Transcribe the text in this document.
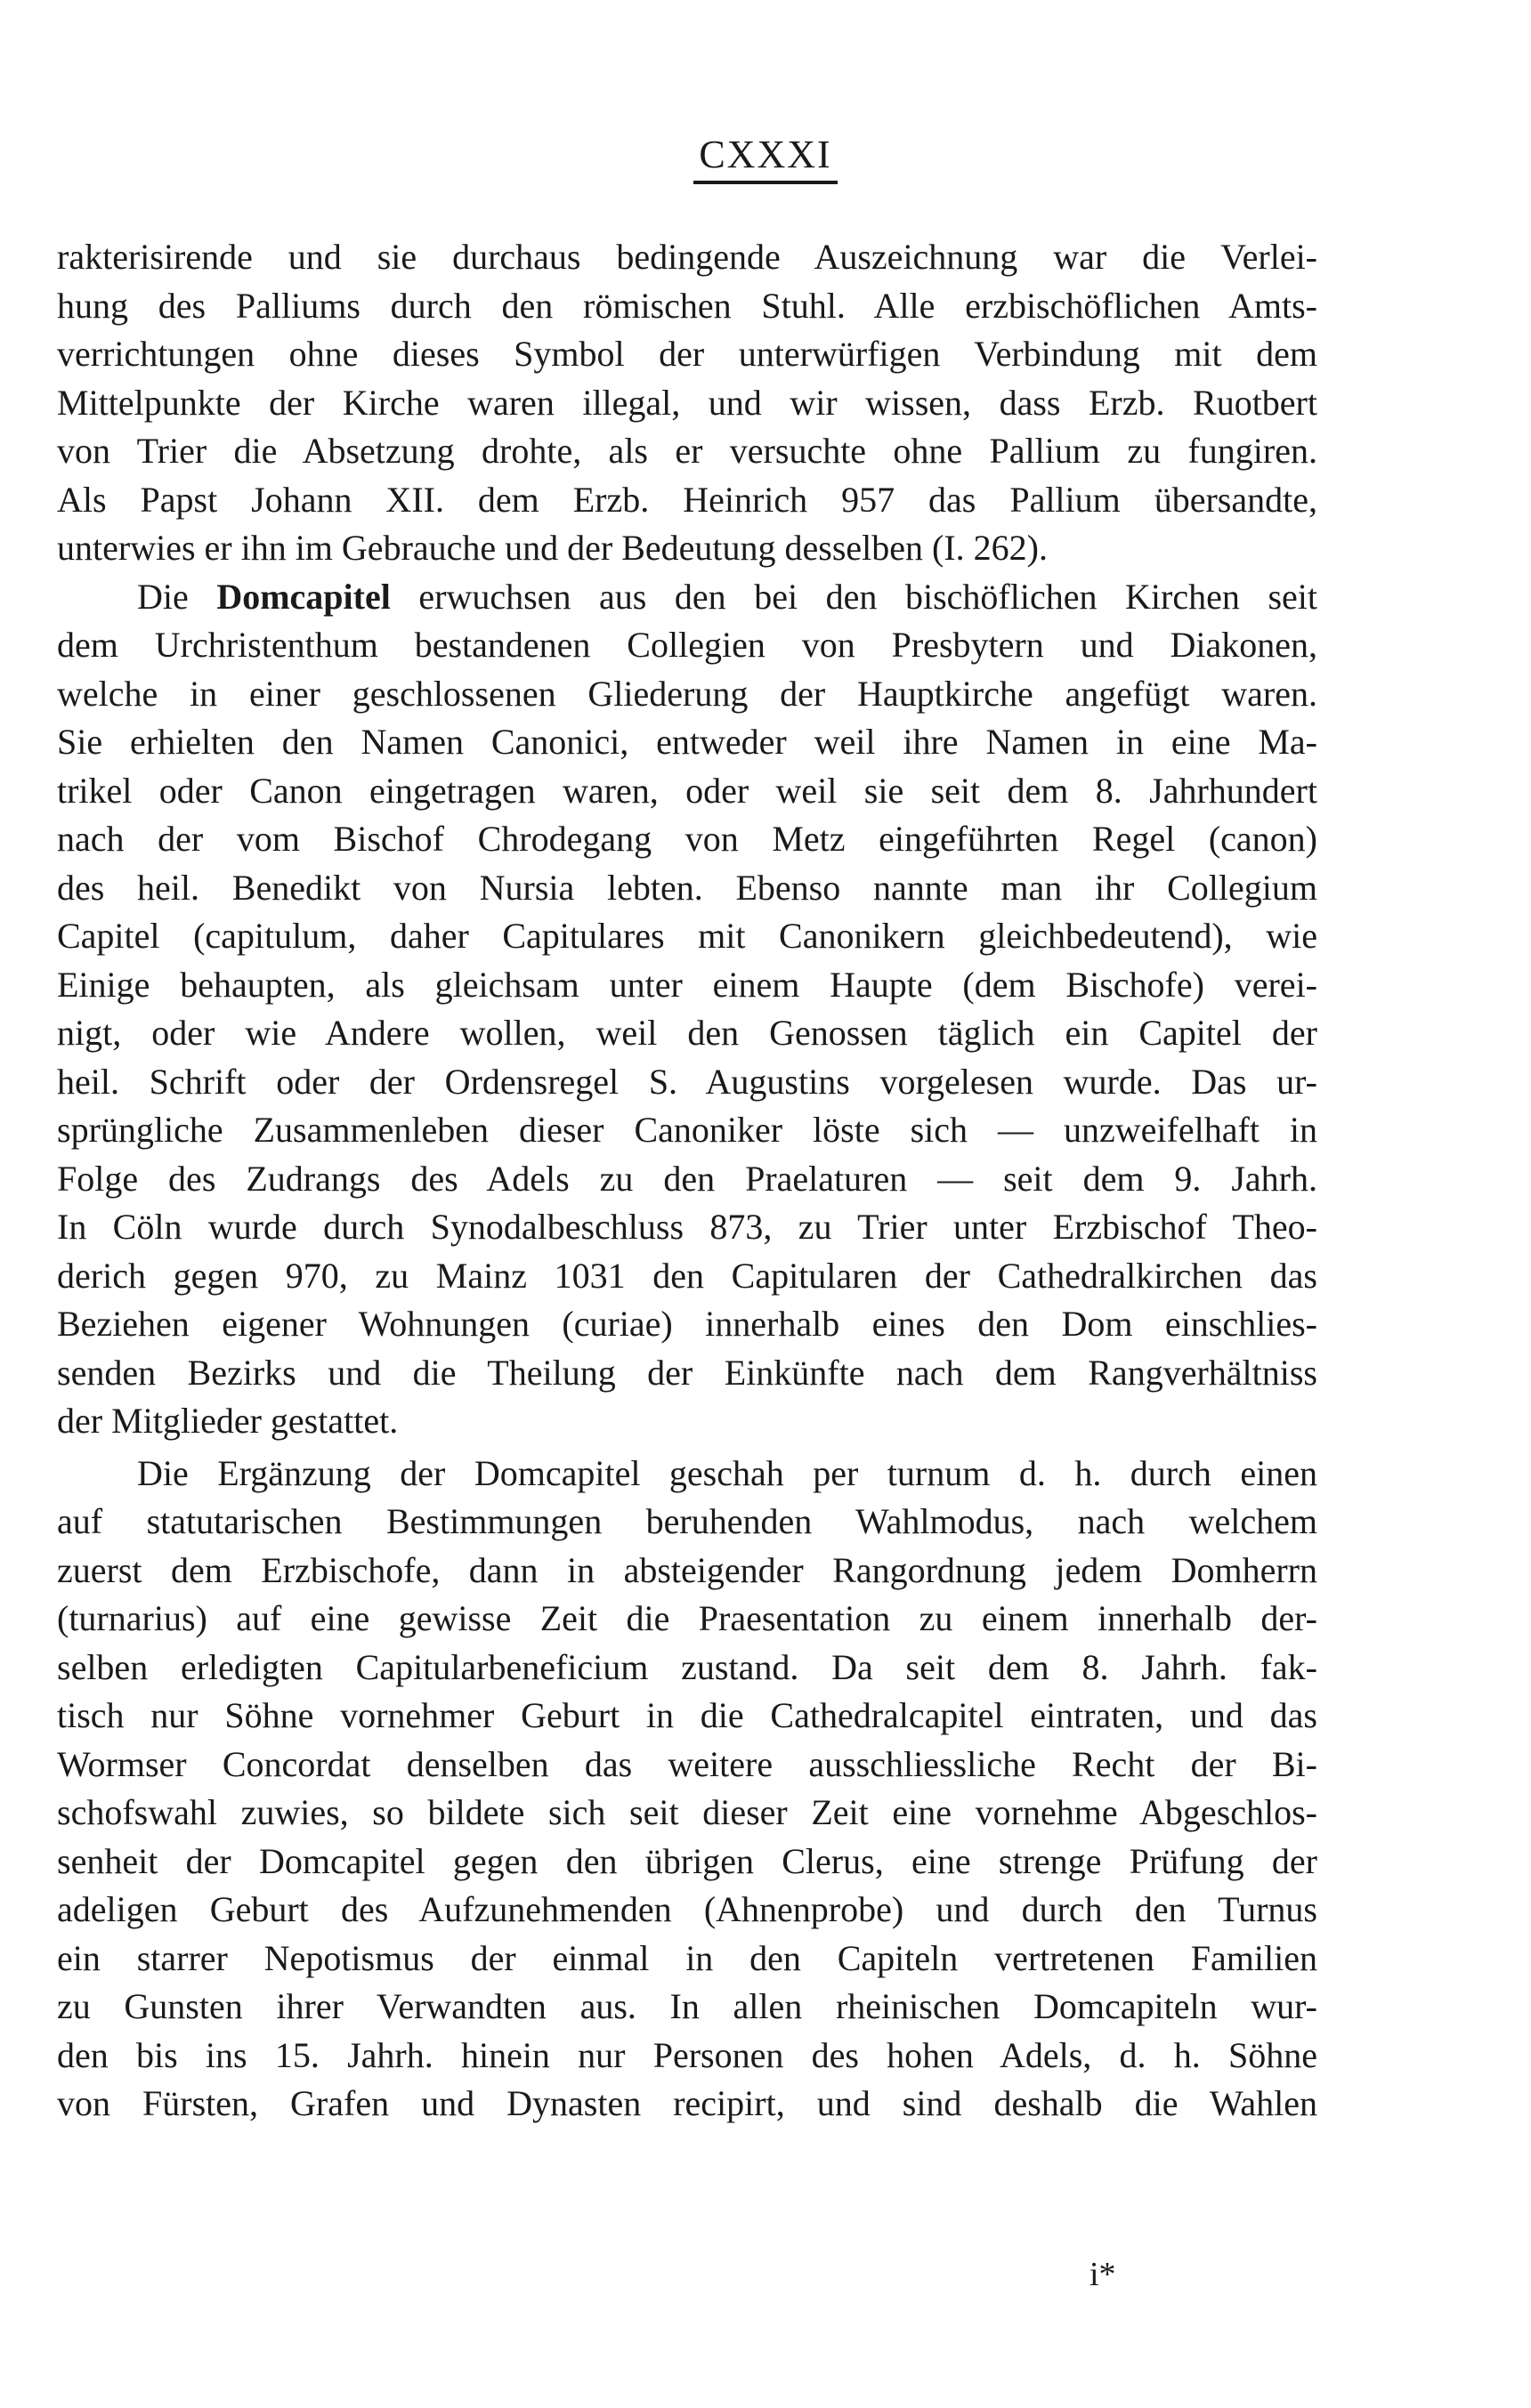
CXXXI
rakterisirende und sie durchaus bedingende Auszeichnung war die Verlei-
hung des Palliums durch den römischen Stuhl. Alle erzbischöflichen Amts-
verrichtungen ohne dieses Symbol der unterwürfigen Verbindung mit dem
Mittelpunkte der Kirche waren illegal, und wir wissen, dass Erzb. Ruotbert
von Trier die Absetzung drohte, als er versuchte ohne Pallium zu fungiren.
Als Papst Johann XII. dem Erzb. Heinrich 957 das Pallium übersandte,
unterwies er ihn im Gebrauche und der Bedeutung desselben (I. 262).
Die Domcapitel erwuchsen aus den bei den bischöflichen Kirchen seit
dem Urchristenthum bestandenen Collegien von Presbytern und Diakonen,
welche in einer geschlossenen Gliederung der Hauptkirche angefügt waren.
Sie erhielten den Namen Canonici, entweder weil ihre Namen in eine Ma-
trikel oder Canon eingetragen waren, oder weil sie seit dem 8. Jahrhundert
nach der vom Bischof Chrodegang von Metz eingeführten Regel (canon)
des heil. Benedikt von Nursia lebten. Ebenso nannte man ihr Collegium
Capitel (capitulum, daher Capitulares mit Canonikern gleichbedeutend), wie
Einige behaupten, als gleichsam unter einem Haupte (dem Bischofe) verei-
nigt, oder wie Andere wollen, weil den Genossen täglich ein Capitel der
heil. Schrift oder der Ordensregel S. Augustins vorgelesen wurde. Das ur-
sprüngliche Zusammenleben dieser Canoniker löste sich — unzweifelhaft in
Folge des Zudrangs des Adels zu den Praelaturen — seit dem 9. Jahrh.
In Cöln wurde durch Synodalbeschluss 873, zu Trier unter Erzbischof Theo-
derich gegen 970, zu Mainz 1031 den Capitularen der Cathedralkirchen das
Beziehen eigener Wohnungen (curiae) innerhalb eines den Dom einschlies-
senden Bezirks und die Theilung der Einkünfte nach dem Rangverhältniss
der Mitglieder gestattet.
Die Ergänzung der Domcapitel geschah per turnum d. h. durch einen
auf statutarischen Bestimmungen beruhenden Wahlmodus, nach welchem
zuerst dem Erzbischofe, dann in absteigender Rangordnung jedem Domherrn
(turnarius) auf eine gewisse Zeit die Praesentation zu einem innerhalb der-
selben erledigten Capitularbeneficium zustand. Da seit dem 8. Jahrh. fak-
tisch nur Söhne vornehmer Geburt in die Cathedralcapitel eintraten, und das
Wormser Concordat denselben das weitere ausschliessliche Recht der Bi-
schofswahl zuwies, so bildete sich seit dieser Zeit eine vornehme Abgeschlos-
senheit der Domcapitel gegen den übrigen Clerus, eine strenge Prüfung der
adeligen Geburt des Aufzunehmenden (Ahnenprobe) und durch den Turnus
ein starrer Nepotismus der einmal in den Capiteln vertretenen Familien
zu Gunsten ihrer Verwandten aus. In allen rheinischen Domcapiteln wur-
den bis ins 15. Jahrh. hinein nur Personen des hohen Adels, d. h. Söhne
von Fürsten, Grafen und Dynasten recipirt, und sind deshalb die Wahlen
i*
